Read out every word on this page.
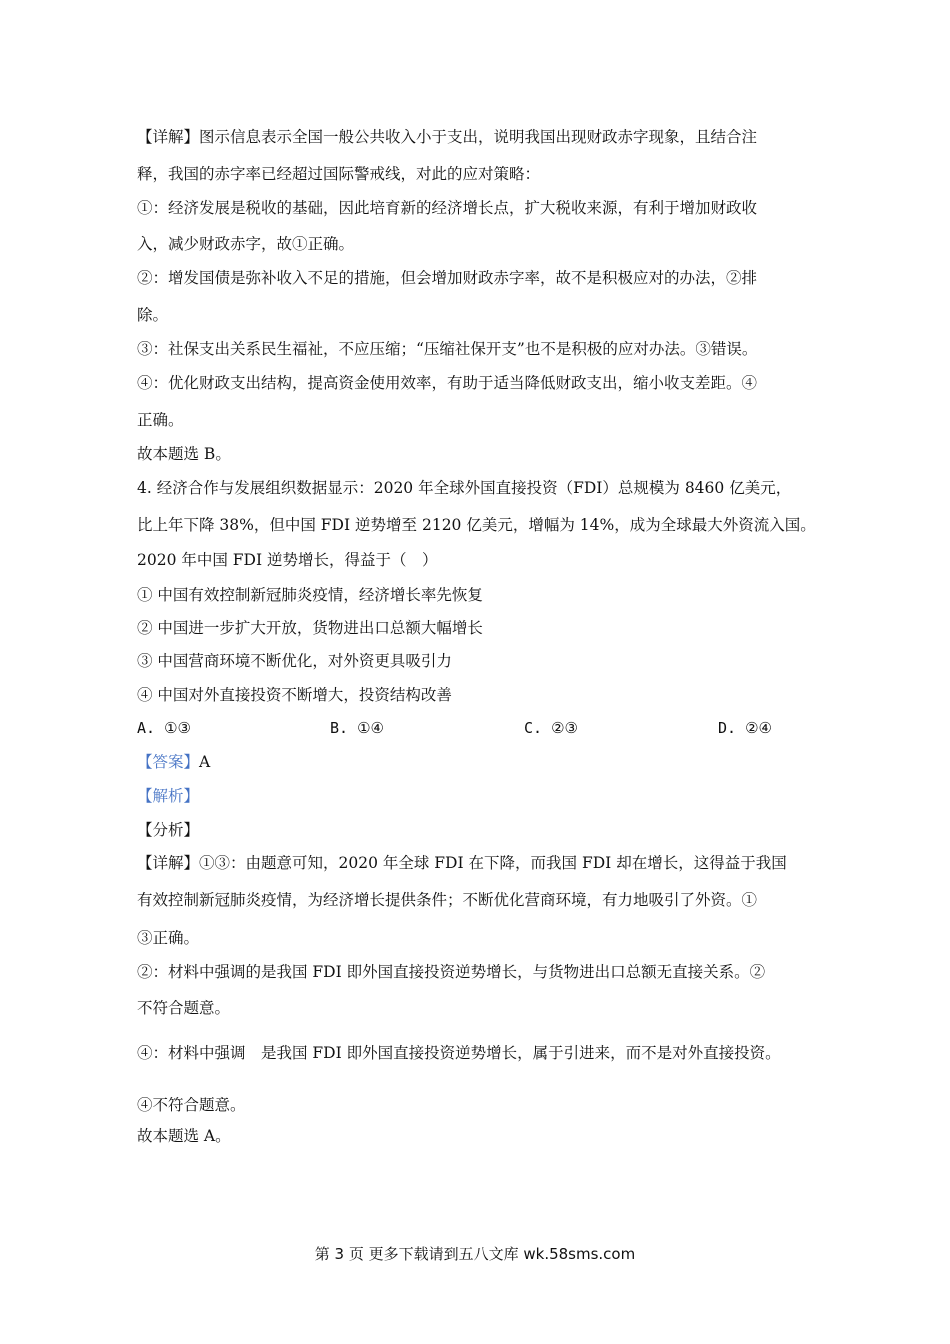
【详解】图示信息表示全国一般公共收入小于支出，说明我国出现财政赤字现象，且结合注
释，我国的赤字率已经超过国际警戒线，对此的应对策略：
①：经济发展是税收的基础，因此培育新的经济增长点，扩大税收来源，有利于增加财政收
入，减少财政赤字，故①正确。
②：增发国债是弥补收入不足的措施，但会增加财政赤字率，故不是积极应对的办法，②排
除。
③：社保支出关系民生福祉，不应压缩；“压缩社保开支”也不是积极的应对办法。③错误。
④：优化财政支出结构，提高资金使用效率，有助于适当降低财政支出，缩小收支差距。④
正确。
故本题选 B。
4. 经济合作与发展组织数据显示：2020 年全球外国直接投资（FDI）总规模为 8460 亿美元，
比上年下降 38%，但中国 FDI 逆势增至 2120 亿美元，增幅为 14%，成为全球最大外资流入国。
2020 年中国 FDI 逆势增长，得益于（　）
① 中国有效控制新冠肺炎疫情，经济增长率先恢复
② 中国进一步扩大开放，货物进出口总额大幅增长
③ 中国营商环境不断优化，对外资更具吸引力
④ 中国对外直接投资不断增大，投资结构改善
A. ①③	B. ①④	C. ②③	D. ②④
【答案】A
【解析】
【分析】
【详解】①③：由题意可知，2020 年全球 FDI 在下降，而我国 FDI 却在增长，这得益于我国
有效控制新冠肺炎疫情，为经济增长提供条件；不断优化营商环境，有力地吸引了外资。①
③正确。
②：材料中强调的是我国 FDI 即外国直接投资逆势增长，与货物进出口总额无直接关系。②
不符合题意。
④：材料中强调　是我国 FDI 即外国直接投资逆势增长，属于引进来，而不是对外直接投资。
④不符合题意。
故本题选 A。
第 3 页 更多下载请到五八文库 wk.58sms.com
